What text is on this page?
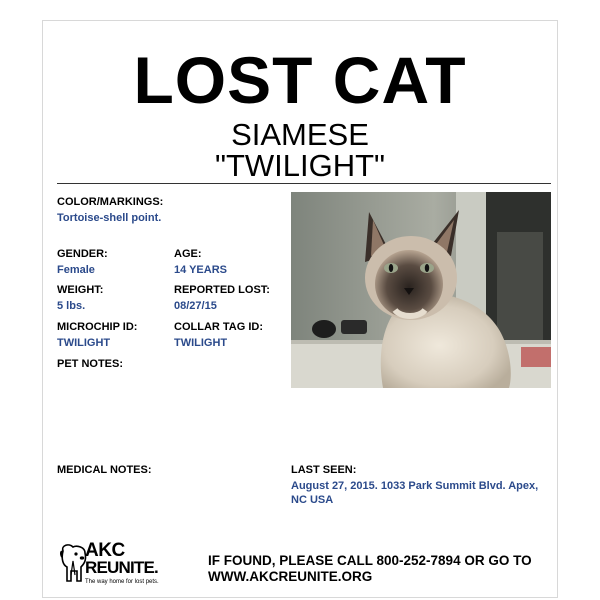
LOST CAT
SIAMESE
"TWILIGHT"
COLOR/MARKINGS:
Tortoise-shell point.
GENDER:
Female
AGE:
14 YEARS
WEIGHT:
5 lbs.
REPORTED LOST:
08/27/15
MICROCHIP ID:
TWILIGHT
COLLAR TAG ID:
TWILIGHT
PET NOTES:
MEDICAL NOTES:	LAST SEEN:
August 27, 2015. 1033 Park Summit Blvd. Apex, NC USA
AKC
REUNITE.
The way home for lost pets.
IF FOUND, PLEASE CALL 800-252-7894 OR GO TO
WWW.AKCREUNITE.ORG
